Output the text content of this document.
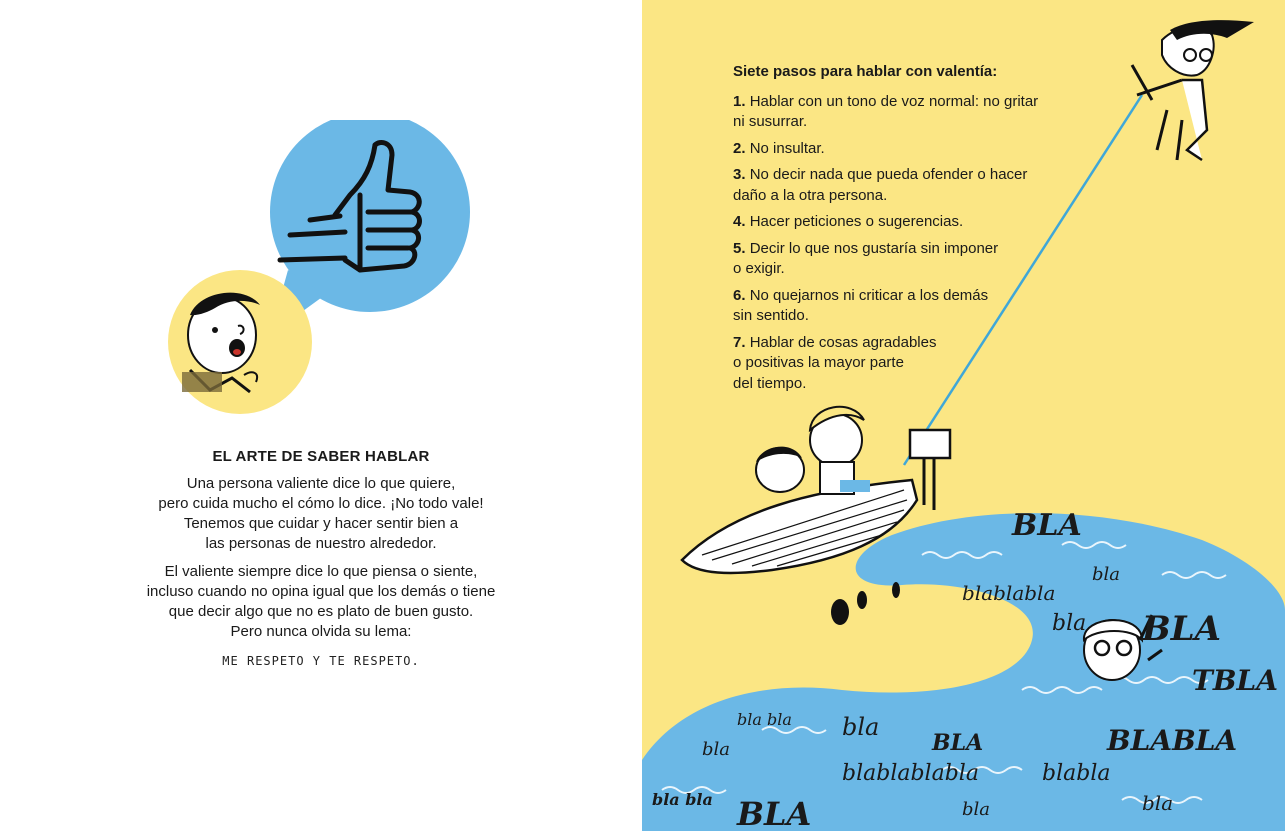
EL ARTE DE SABER HABLAR

Una persona valiente dice lo que quiere,
pero cuida mucho el cómo lo dice. ¡No todo vale!
Tenemos que cuidar y hacer sentir bien a
las personas de nuestro alrededor.

El valiente siempre dice lo que piensa o siente,
incluso cuando no opina igual que los demás o tiene
que decir algo que no es plato de buen gusto.
Pero nunca olvida su lema:

ME RESPETO Y TE RESPETO.
BLA
blablabla
bla
BLA
bla
BLABLA
bla bla
bla
BLA
blablablabla
bla bla bla
BLA
blabla
bla
TBLA
bla
Siete pasos para hablar con valentía:
1. Hablar con un tono de voz normal: no gritar
ni susurrar.
2. No insultar.
3. No decir nada que pueda ofender o hacer
daño a la otra persona.
4. Hacer peticiones o sugerencias.
5. Decir lo que nos gustaría sin imponer
o exigir.
6. No quejarnos ni criticar a los demás
sin sentido.
7. Hablar de cosas agradables
o positivas la mayor parte
del tiempo.
